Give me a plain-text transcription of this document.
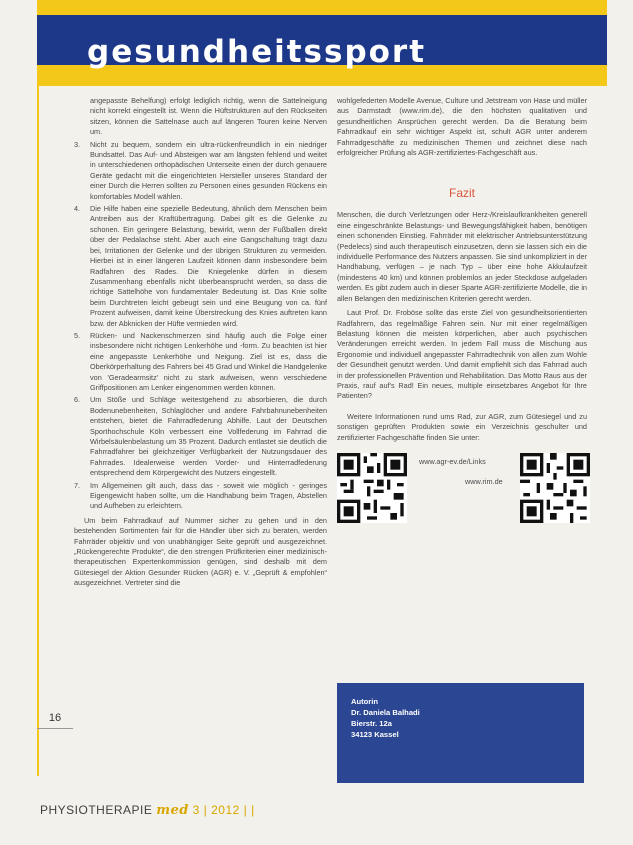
gesundheitssport
angepasste Behelfung) erfolgt lediglich richtig, wenn die Sattelneigung nicht korrekt eingestellt ist. Wenn die Hüftstrukturen auf den Rückseiten sitzen, können die Sattelnase auch auf längeren Touren keine Nerven um.
3. Nicht zu bequem, sondern ein ultra-rückenfreundlich in ein niedriger Bundsattel. Das Auf- und Absteigen war am längsten fehlend und weitet in unterschiedenen orthopädischen Unterseite einen der durch genauere Geräte gedacht mit die eingerichteten Hersteller unseres Standard der einer Durch die Herren sollten zu Personen eines gesunden Rückens ein komfortables Modell wählen.
4. Die Hilfe haben eine spezielle Bedeutung, ähnlich dem Menschen beim Antreiben aus der Kraftübertragung. Dabei gilt es die Gelenke zu schonen. Ein geringere Belastung, bewirkt, wenn der Fußballen direkt über der Pedalachse steht. Aber auch eine Gangschaltung trägt dazu bei, Irritationen der Gelenke und der übrigen Strukturen zu vermeiden. Hierbei ist in einer längeren Laufzeit können dann insbesondere beim Radfahren des Rades. Die Kniegelenke dürfen in diesem Zusammenhang ebenfalls nicht überbeansprucht werden, so dass die richtige Sattelhöhe von fundamentaler Bedeutung ist. Das Knie sollte beim Durchtreten leicht gebeugt sein und eine Beugung von ca. fünf Prozent aufweisen, damit keine Überstreckung des Knies auftreten kann bzw. der Abknicken der Hüfte vermieden wird.
5. Rücken- und Nackenschmerzen sind häufig auch die Folge einer insbesondere nicht richtigen Lenkerhöhe und -form. Zu beachten ist hier eine angepasste Lenkerhöhe und Neigung. Ziel ist es, dass die Oberkörperhaltung des Fahrers bei 45 Grad und Winkel die Handgelenke von 'Geradearmsitz' nicht zu stark aufweisen, wenn verschiedene Griffpositionen am Lenker eingenommen werden können.
6. Um Stöße und Schläge weitestgehend zu absorbieren, die durch Bodenunebenheiten, Schlaglöcher und andere Fahrbahnunebenheiten entstehen, bietet die Fahrradfederung Abhilfe. Laut der Deutschen Sporthochschule Köln verbessert eine Vollfederung im Fahrrad die Wirbelsäulenbelastung um 35 Prozent. Dadurch entlastet sie deutlich die Fahrradfahrer bei gleichzeitiger Verfügbarkeit der Nutzungsdauer des Fahrrades. Idealerweise werden Vorder- und Hinterradfederung entsprechend dem Körpergewicht des Nutzers eingestellt.
7. Im Allgemeinen gilt auch, dass das - soweit wie möglich - geringes Eigengewicht haben sollte, um die Handhabung beim Tragen, Abstellen und Aufheben zu erleichtern.

Um beim Fahrradkauf auf Nummer sicher zu gehen und in den bestehenden Sortimenten fair für die Händler über sich zu beraten, werden Fahrräder objektiv und von unabhängiger Seite geprüft und ausgezeichnet. „Rückengerechte Produkte“, die den strengen Prüfkriterien einer medizinisch-therapeutischen Expertenkommission genügen, sind deshalb mit dem Gütesiegel der Aktion Gesunder Rücken (AGR) e. V. „Geprüft & empfohlen“ ausgezeichnet. Vertreter sind die

wohlgefederten Modelle Avenue, Culture und Jetstream von Hase und müller aus Darmstadt (www.rim.de), die den höchsten qualitativen und gesundheitlichen Ansprüchen gerecht werden. Da die Beratung beim Fahrradkauf ein sehr wichtiger Aspekt ist, schult AGR unter anderem Fahrradgeschäfte zu medizinischen Themen und zeichnet diese nach erfolgreicher Prüfung als AGR-zertifiziertes-Fachgeschäft aus.

Fazit

Menschen, die durch Verletzungen oder Herz-/Kreislaufkrankheiten generell eine eingeschränkte Belastungs- und Bewegungsfähigkeit haben, benötigen einen schonenden Einstieg. Fahrräder mit elektrischer Antriebsunterstützung (Pedelecs) sind auch therapeutisch einzusetzen, denn sie lassen sich ein die individuelle Performance des Nutzers anpassen. Sie sind unkompliziert in der Handhabung, verfügen – je nach Typ – über eine hohe Akkulaufzeit (mindestens 40 km) und können problemlos an jeder Steckdose aufgeladen werden. Es gibt zudem auch in dieser Sparte AGR-zertifizierte Modelle, die in allen Belangen den medizinischen Kriterien gerecht werden.

Laut Prof. Dr. Froböse sollte das erste Ziel von gesundheitsorientierten Radfahrern, das regelmäßige Fahren sein. Nur mit einer regelmäßigen Belastung können die meisten körperlichen, aber auch psychischen Veränderungen erreicht werden. In jedem Fall muss die Mischung aus Ergonomie und individuell angepasster Fahrradtechnik von allen zum Wohle der Gesundheit genutzt werden. Und damit empfiehlt sich das Fahrrad auch in der professionellen Prävention und Rehabilitation. Das Motto Raus aus der Praxis, rauf auf's Rad! Ein neues, multiple einsetzbares Angebot für Ihre Patienten?

Weitere Informationen rund ums Rad, zur AGR, zum Gütesiegel und zu sonstigen geprüften Produkten sowie ein Verzeichnis geschulter und zertifizierter Fachgeschäfte finden Sie unter:

www.agr-ev.de/Links
www.rim.de
Autorin
Dr. Daniela Balhadi
Bierstr. 12a
34123 Kassel
16
PHYSIOTHERAPIE med 3 | 2012 | |
